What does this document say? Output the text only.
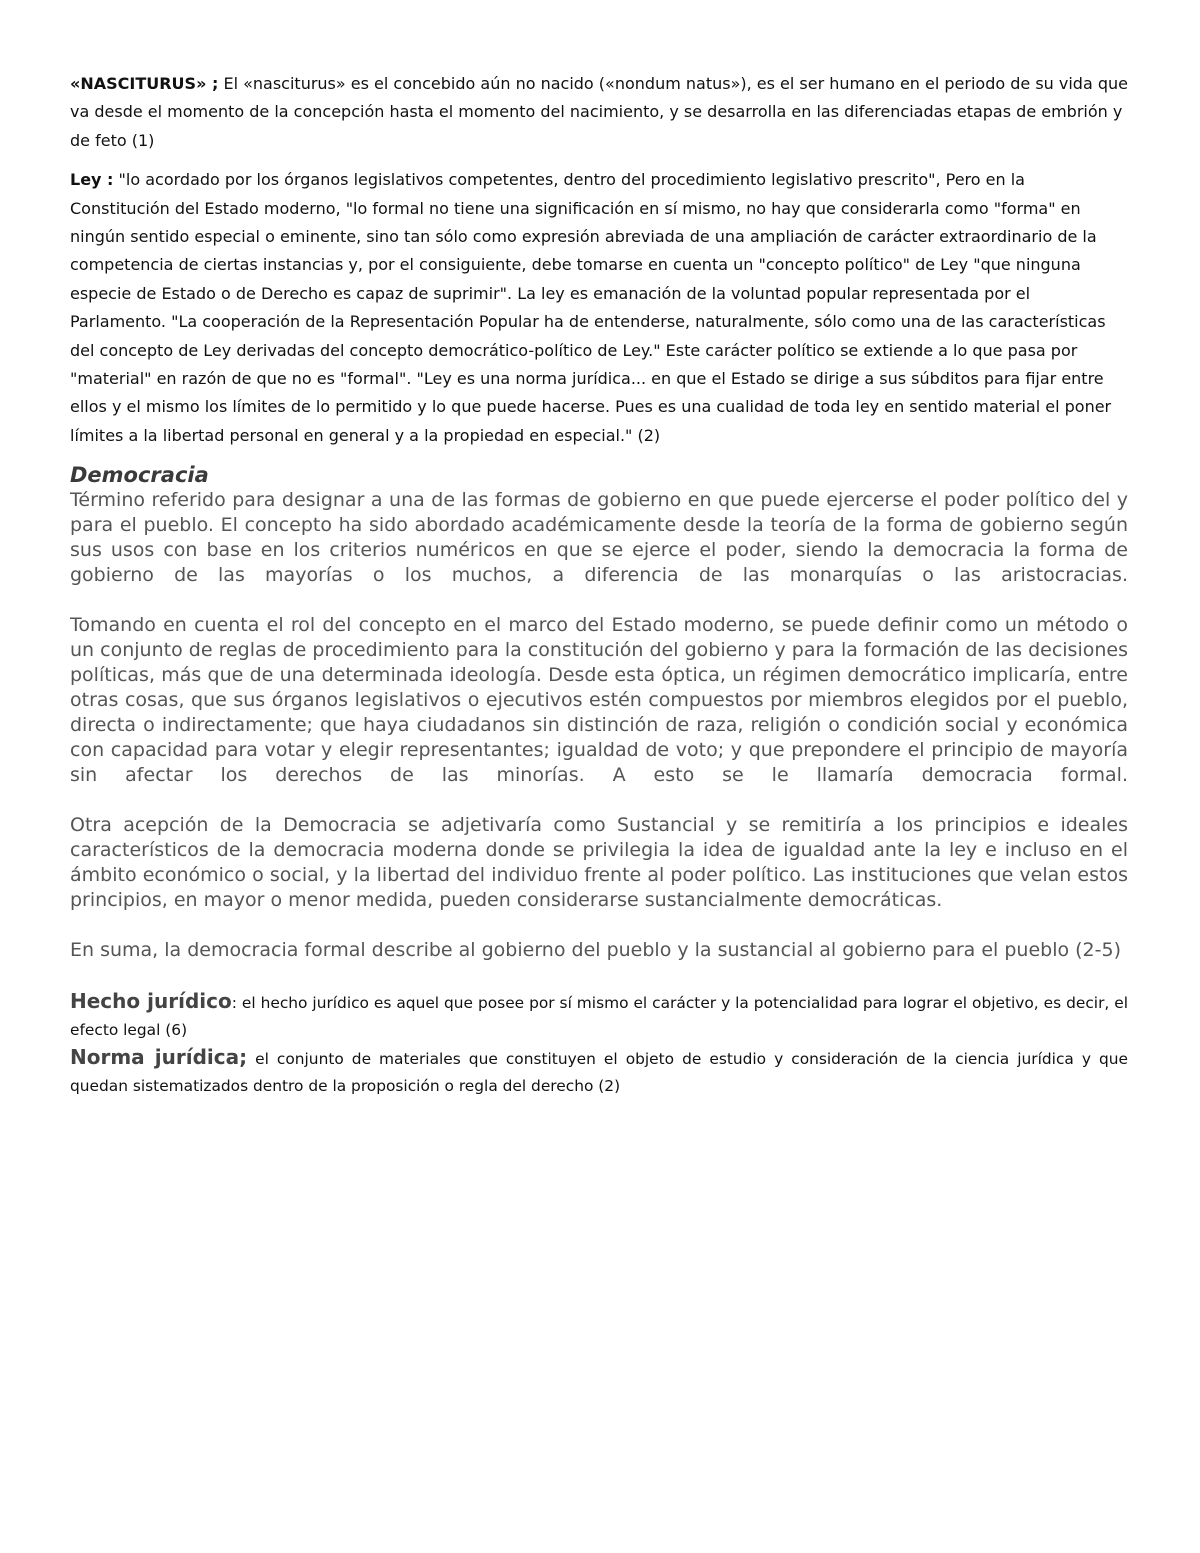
«NASCITURUS» ; El «nasciturus» es el concebido aún no nacido («nondum natus»), es el ser humano en el periodo de su vida que va desde el momento de la concepción hasta el momento del nacimiento, y se desarrolla en las diferenciadas etapas de embrión y de feto (1)

Ley : "lo acordado por los órganos legislativos competentes, dentro del procedimiento legislativo prescrito", Pero en la Constitución del Estado moderno, "lo formal no tiene una significación en sí mismo, no hay que considerarla como "forma" en ningún sentido especial o eminente, sino tan sólo como expresión abreviada de una ampliación de carácter extraordinario de la competencia de ciertas instancias y, por el consiguiente, debe tomarse en cuenta un "concepto político" de Ley "que ninguna especie de Estado o de Derecho es capaz de suprimir". La ley es emanación de la voluntad popular representada por el Parlamento. "La cooperación de la Representación Popular ha de entenderse, naturalmente, sólo como una de las características del concepto de Ley derivadas del concepto democrático-político de Ley." Este carácter político se extiende a lo que pasa por "material" en razón de que no es "formal". "Ley es una norma jurídica... en que el Estado se dirige a sus súbditos para fijar entre ellos y el mismo los límites de lo permitido y lo que puede hacerse. Pues es una cualidad de toda ley en sentido material el poner límites a la libertad personal en general y a la propiedad en especial." (2)

Democracia

Término referido para designar a una de las formas de gobierno en que puede ejercerse el poder político del y para el pueblo. El concepto ha sido abordado académicamente desde la teoría de la forma de gobierno según sus usos con base en los criterios numéricos en que se ejerce el poder, siendo la democracia la forma de gobierno de las mayorías o los muchos, a diferencia de las monarquías o las aristocracias.

Tomando en cuenta el rol del concepto en el marco del Estado moderno, se puede definir como un método o un conjunto de reglas de procedimiento para la constitución del gobierno y para la formación de las decisiones políticas, más que de una determinada ideología. Desde esta óptica, un régimen democrático implicaría, entre otras cosas, que sus órganos legislativos o ejecutivos estén compuestos por miembros elegidos por el pueblo, directa o indirectamente; que haya ciudadanos sin distinción de raza, religión o condición social y económica con capacidad para votar y elegir representantes; igualdad de voto; y que prepondere el principio de mayoría sin afectar los derechos de las minorías. A esto se le llamaría democracia formal.

Otra acepción de la Democracia se adjetivaría como Sustancial y se remitiría a los principios e ideales característicos de la democracia moderna donde se privilegia la idea de igualdad ante la ley e incluso en el ámbito económico o social, y la libertad del individuo frente al poder político. Las instituciones que velan estos principios, en mayor o menor medida, pueden considerarse sustancialmente democráticas.

En suma, la democracia formal describe al gobierno del pueblo y la sustancial al gobierno para el pueblo (2-5)

Hecho jurídico: el hecho jurídico es aquel que posee por sí mismo el carácter y la potencialidad para lograr el objetivo, es decir, el efecto legal (6)

Norma jurídica; el conjunto de materiales que constituyen el objeto de estudio y consideración de la ciencia jurídica y que quedan sistematizados dentro de la proposición o regla del derecho (2)
